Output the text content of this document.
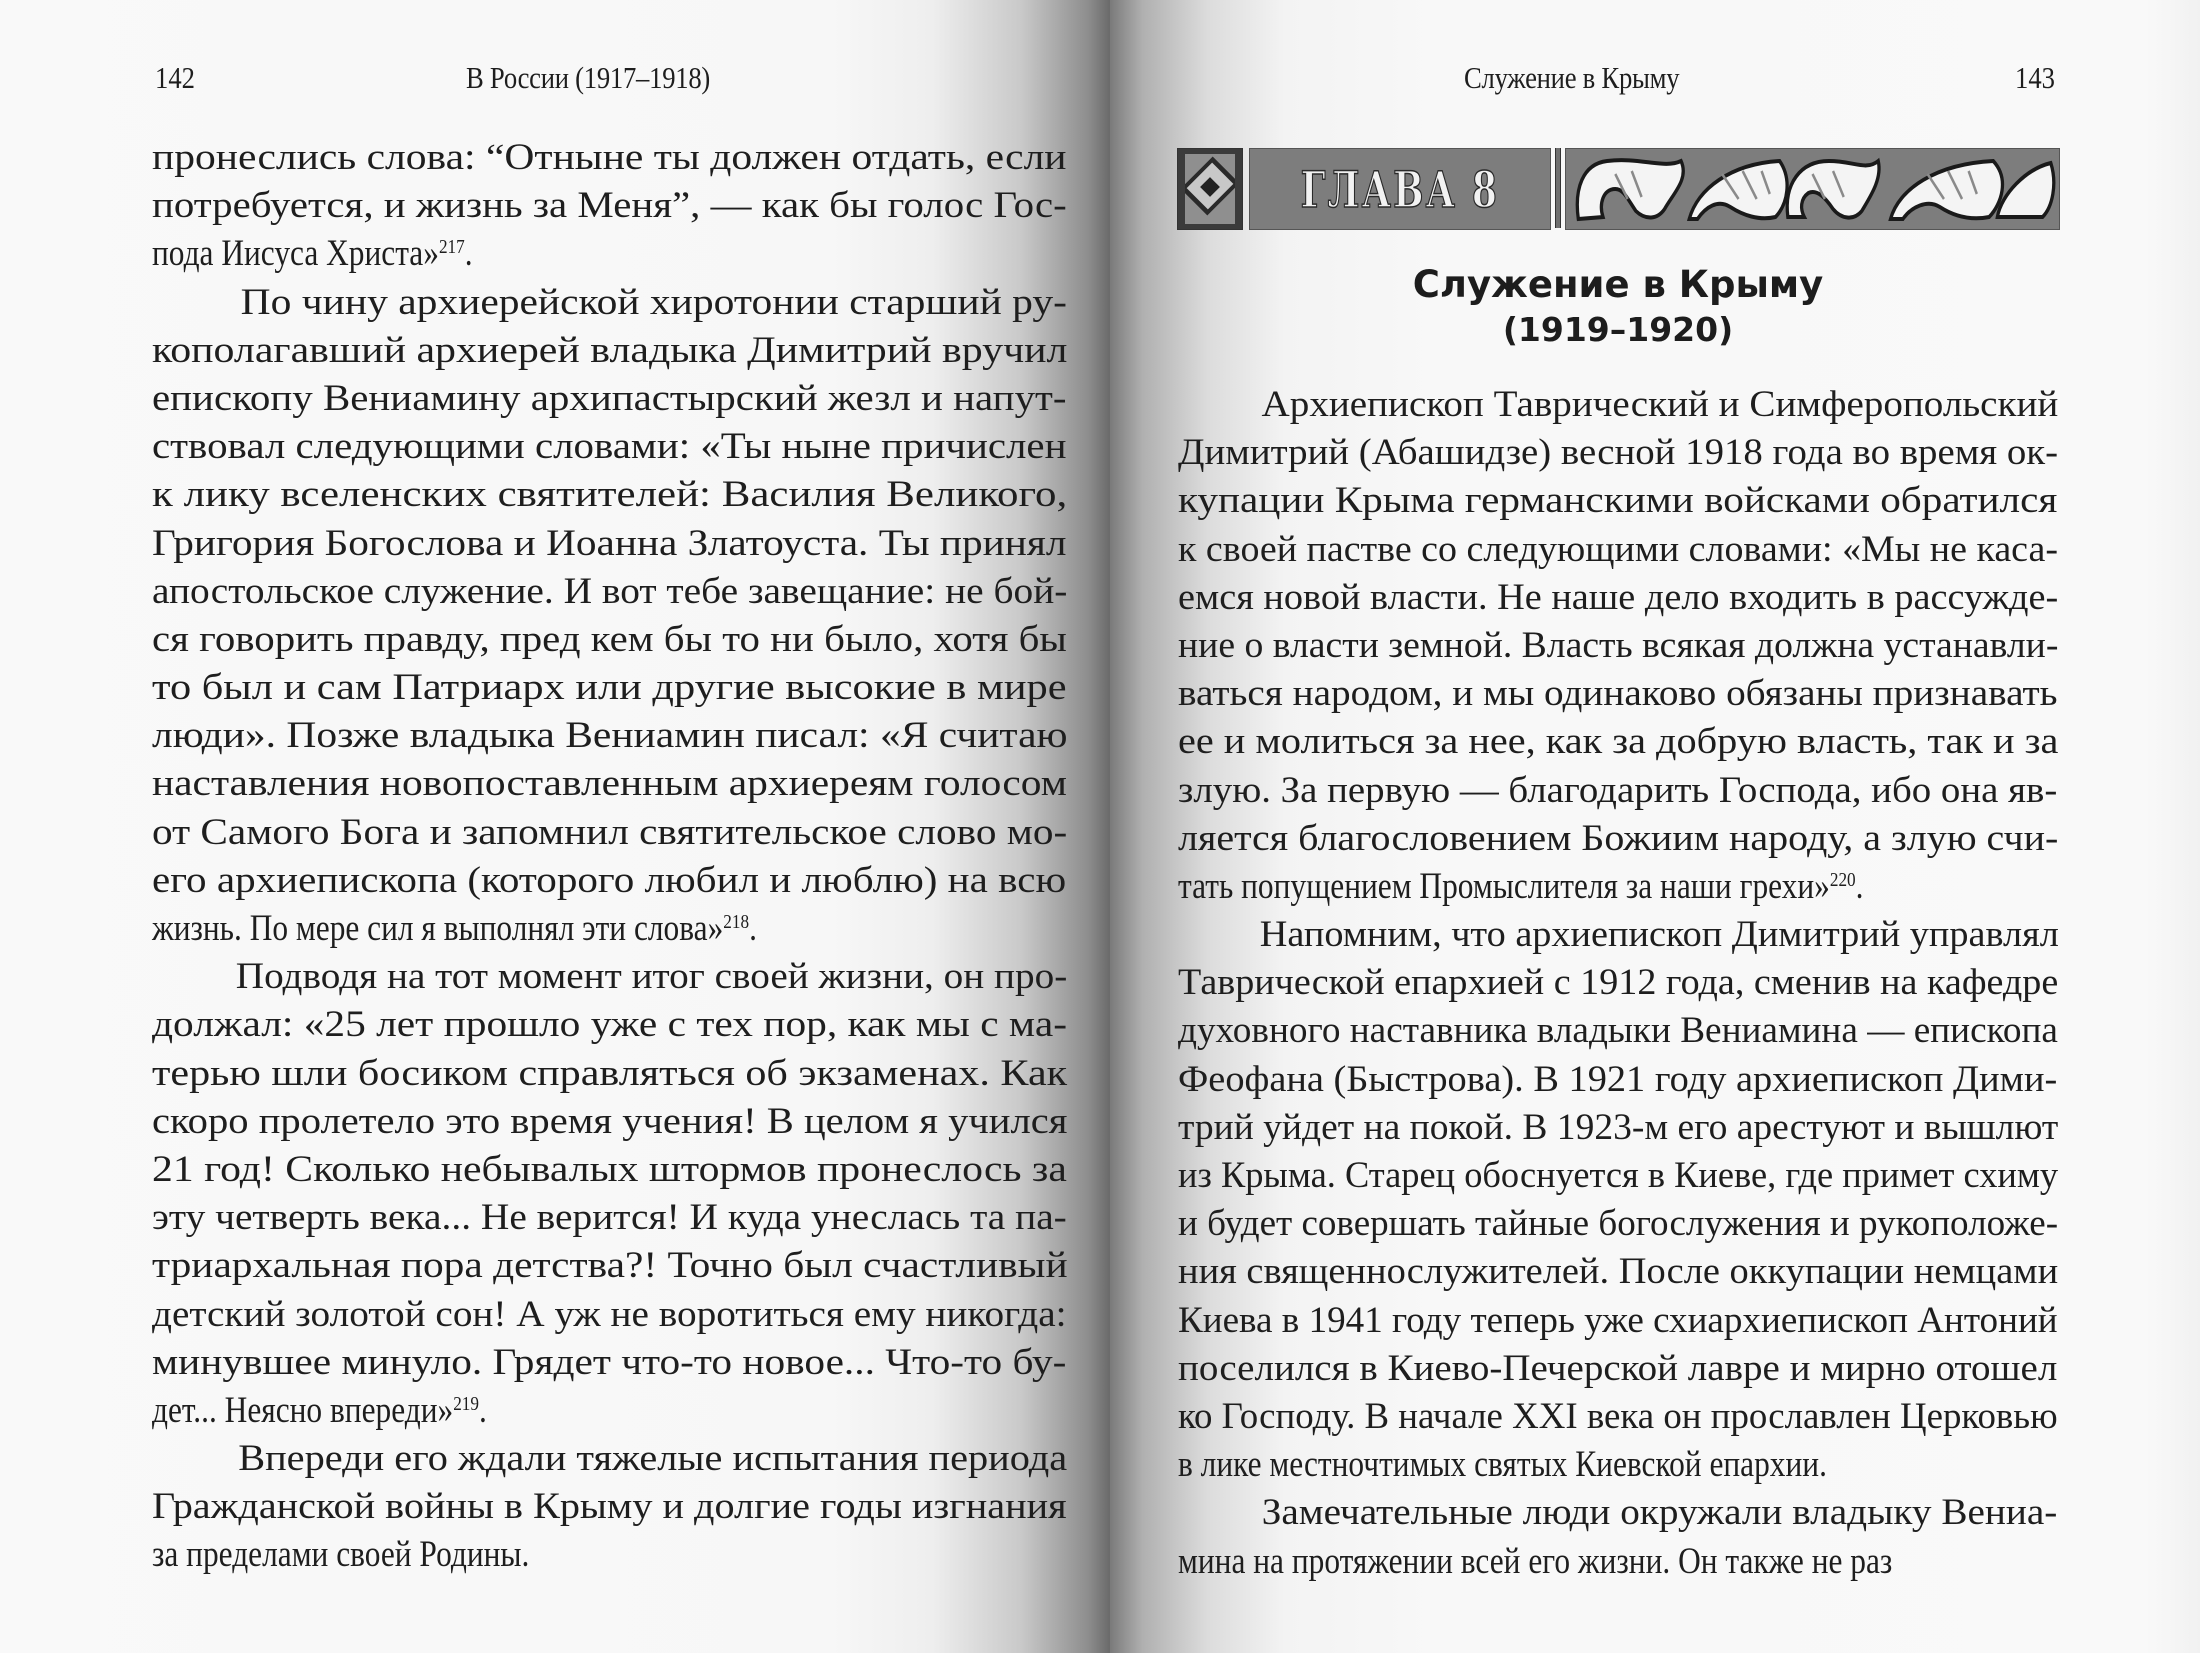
142	В России (1917–1918)
пронеслись слова: “Отныне ты должен отдать, если
потребуется, и жизнь за Меня”, — как бы голос Гос-
пода Иисуса Христа»$^{217}$.
По чину архиерейской хиротонии старший ру-
кополагавший архиерей владыка Димитрий вручил
епископу Вениамину архипастырский жезл и напут-
ствовал следующими словами: «Ты ныне причислен
к лику вселенских святителей: Василия Великого,
Григория Богослова и Иоанна Златоуста. Ты принял
апостольское служение. И вот тебе завещание: не бой-
ся говорить правду, пред кем бы то ни было, хотя бы
то был и сам Патриарх или другие высокие в мире
люди». Позже владыка Вениамин писал: «Я считаю
наставления новопоставленным архиереям голосом
от Самого Бога и запомнил святительское слово мо-
его архиепископа (которого любил и люблю) на всю
жизнь. По мере сил я выполнял эти слова»$^{218}$.
Подводя на тот момент итог своей жизни, он про-
должал: «25 лет прошло уже с тех пор, как мы с ма-
терью шли босиком справляться об экзаменах. Как
скоро пролетело это время учения! В целом я учился
21 год! Сколько небывалых штормов пронеслось за
эту четверть века... Не верится! И куда унеслась та па-
триархальная пора детства?! Точно был счастливый
детский золотой сон! А уж не воротиться ему никогда:
минувшее минуло. Грядет что-то новое... Что-то бу-
дет... Неясно впереди»$^{219}$.
Впереди его ждали тяжелые испытания периода
Гражданской войны в Крыму и долгие годы изгнания
за пределами своей Родины.
Служение в Крыму	143
ГЛАВА 8
Служение в Крыму
(1919–1920)
Архиепископ Таврический и Симферопольский
Димитрий (Абашидзе) весной 1918 года во время ок-
купации Крыма германскими войсками обратился
к своей пастве со следующими словами: «Мы не каса-
емся новой власти. Не наше дело входить в рассужде-
ние о власти земной. Власть всякая должна устанавли-
ваться народом, и мы одинаково обязаны признавать
ее и молиться за нее, как за добрую власть, так и за
злую. За первую — благодарить Господа, ибо она яв-
ляется благословением Божиим народу, а злую счи-
тать попущением Промыслителя за наши грехи»$^{220}$.
Напомним, что архиепископ Димитрий управлял
Таврической епархией с 1912 года, сменив на кафедре
духовного наставника владыки Вениамина — епископа
Феофана (Быстрова). В 1921 году архиепископ Дими-
трий уйдет на покой. В 1923-м его арестуют и вышлют
из Крыма. Старец обоснуется в Киеве, где примет схиму
и будет совершать тайные богослужения и рукоположе-
ния священнослужителей. После оккупации немцами
Киева в 1941 году теперь уже схиархиепископ Антоний
поселился в Киево-Печерской лавре и мирно отошел
ко Господу. В начале XXI века он прославлен Церковью
в лике местночтимых святых Киевской епархии.
Замечательные люди окружали владыку Вениа-
мина на протяжении всей его жизни. Он также не раз
